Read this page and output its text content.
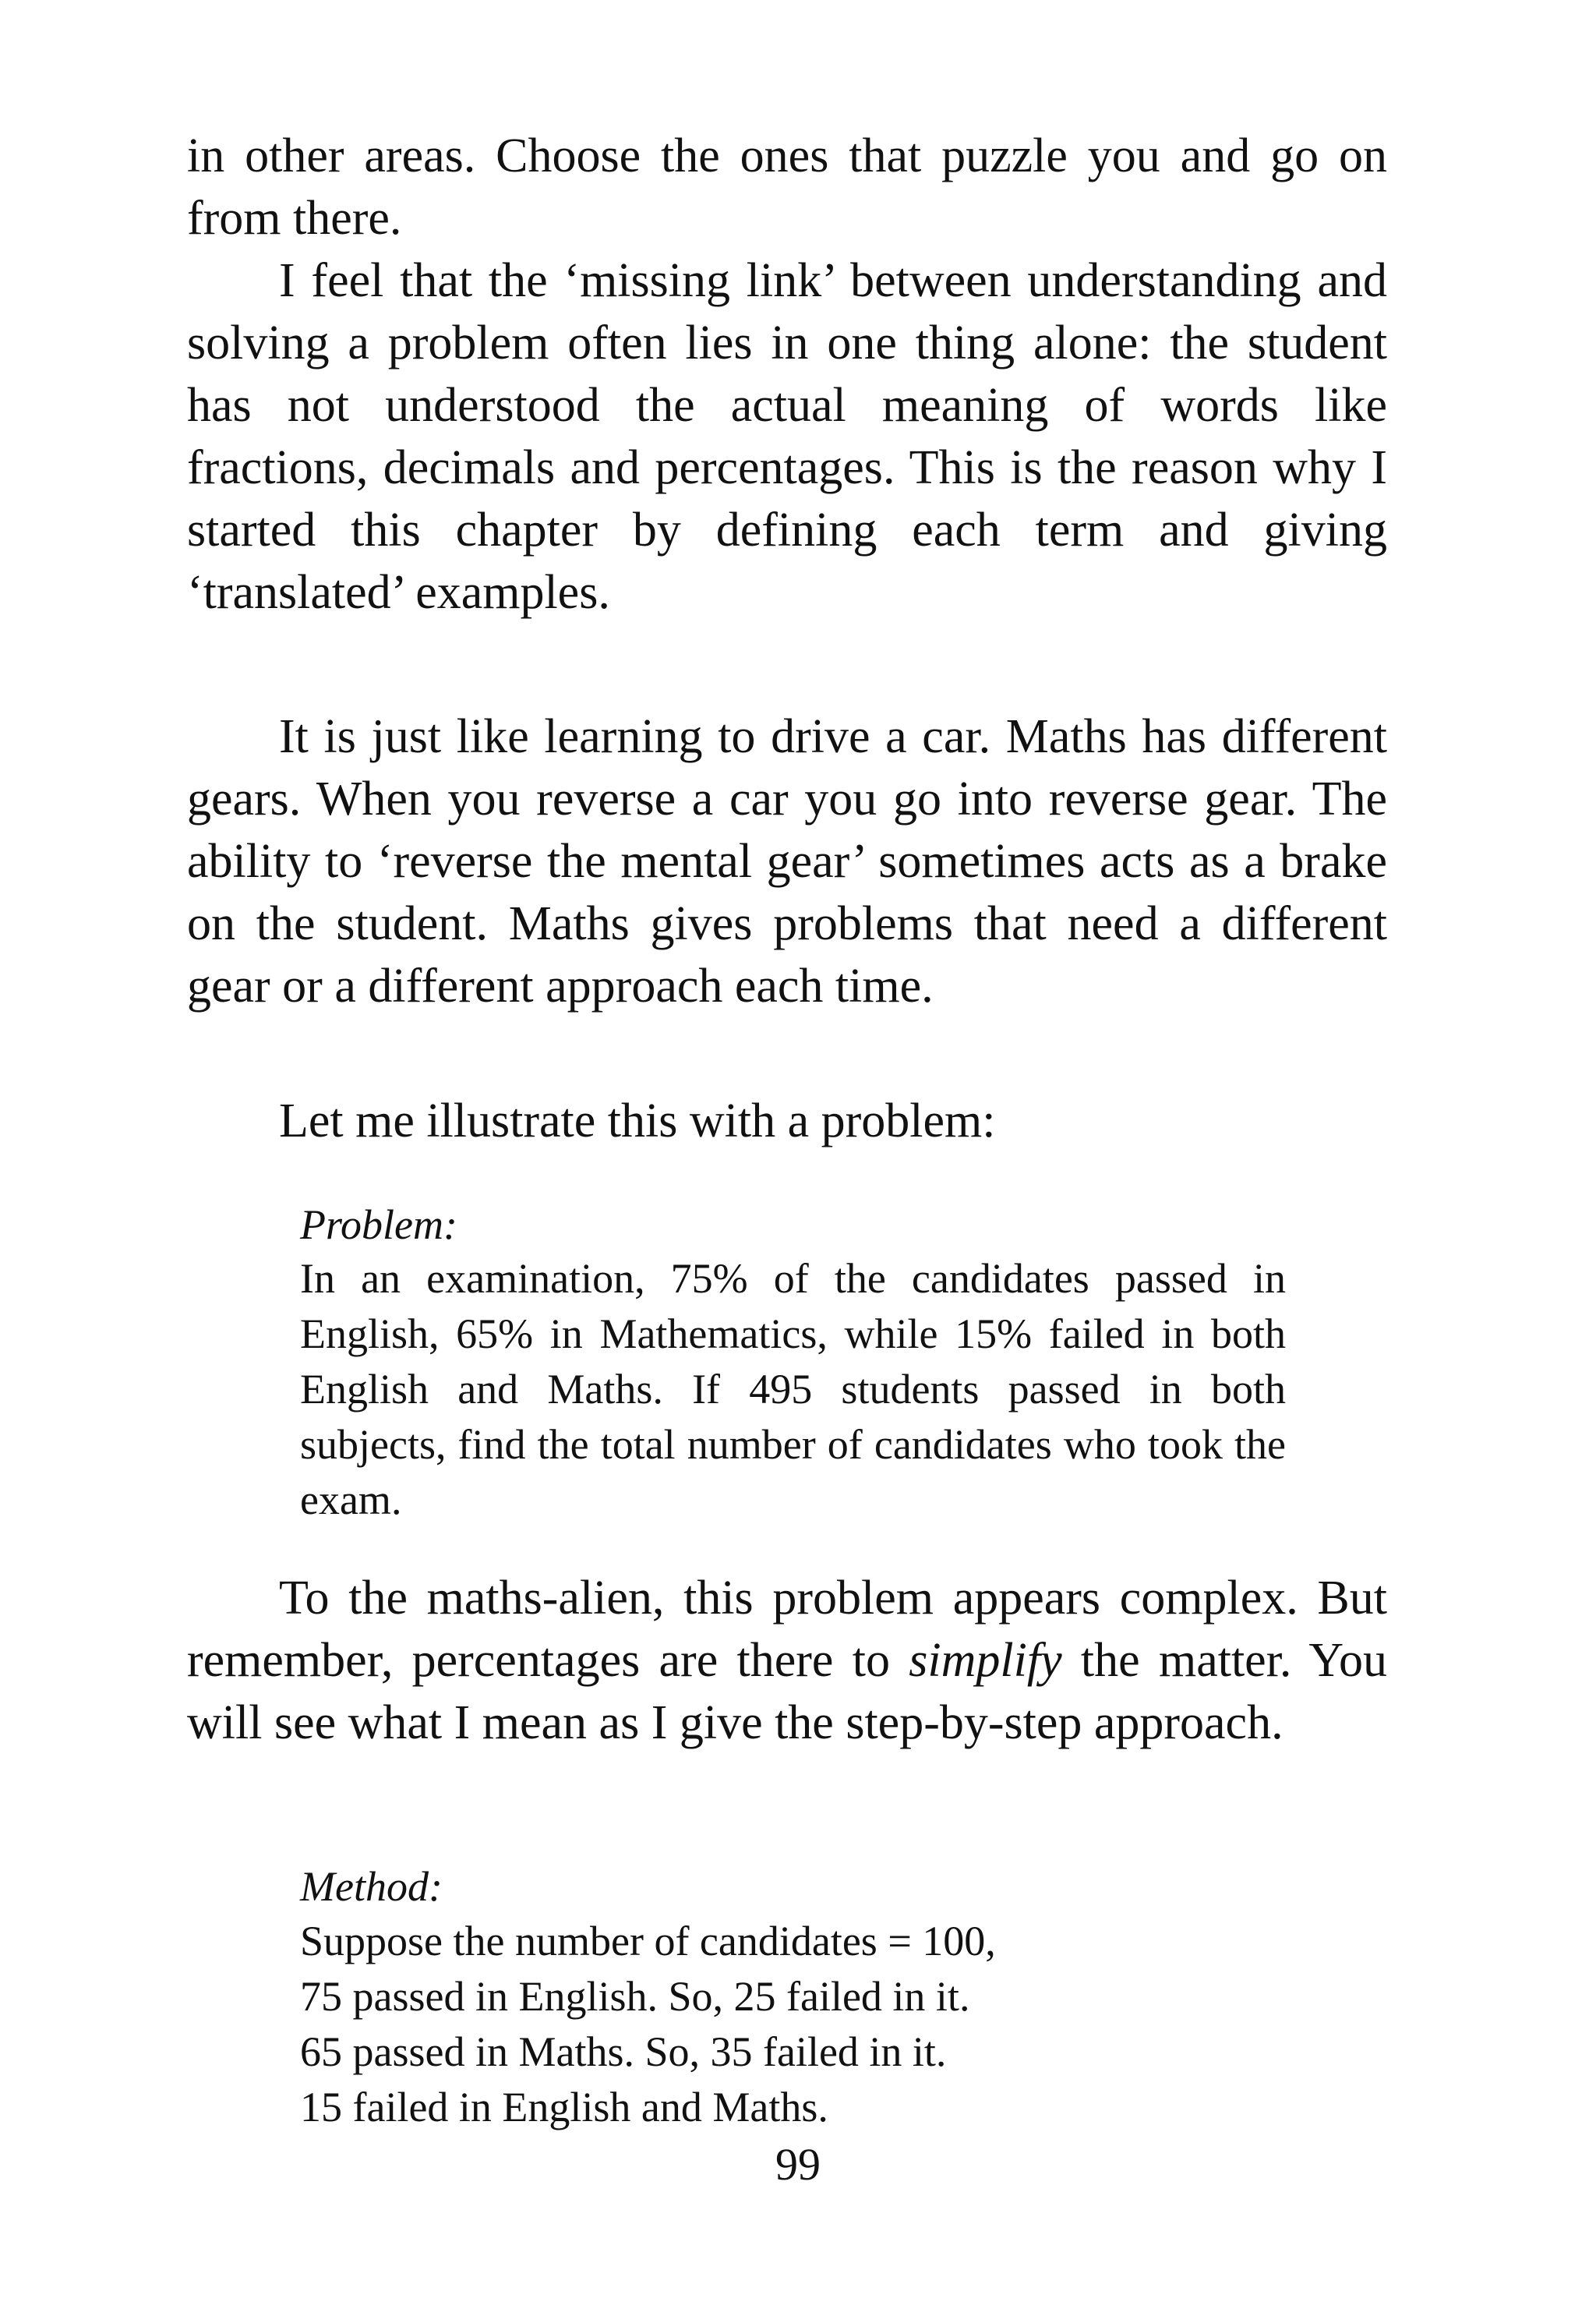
in other areas. Choose the ones that puzzle you and go on from there.

I feel that the ‘missing link’ between understanding and solving a problem often lies in one thing alone: the student has not understood the actual meaning of words like fractions, decimals and percentages. This is the reason why I started this chapter by defining each term and giving ‘translated’ examples.

It is just like learning to drive a car. Maths has different gears. When you reverse a car you go into reverse gear. The ability to ‘reverse the mental gear’ sometimes acts as a brake on the student. Maths gives problems that need a different gear or a different approach each time.

Let me illustrate this with a problem:

Problem:

In an examination, 75% of the candidates passed in English, 65% in Mathematics, while 15% failed in both English and Maths. If 495 students passed in both subjects, find the total number of candidates who took the exam.

To the maths-alien, this problem appears complex. But remember, percentages are there to simplify the matter. You will see what I mean as I give the step-by-step approach.

Method:

Suppose the number of candidates = 100,
75 passed in English. So, 25 failed in it.
65 passed in Maths. So, 35 failed in it.
15 failed in English and Maths.

99
